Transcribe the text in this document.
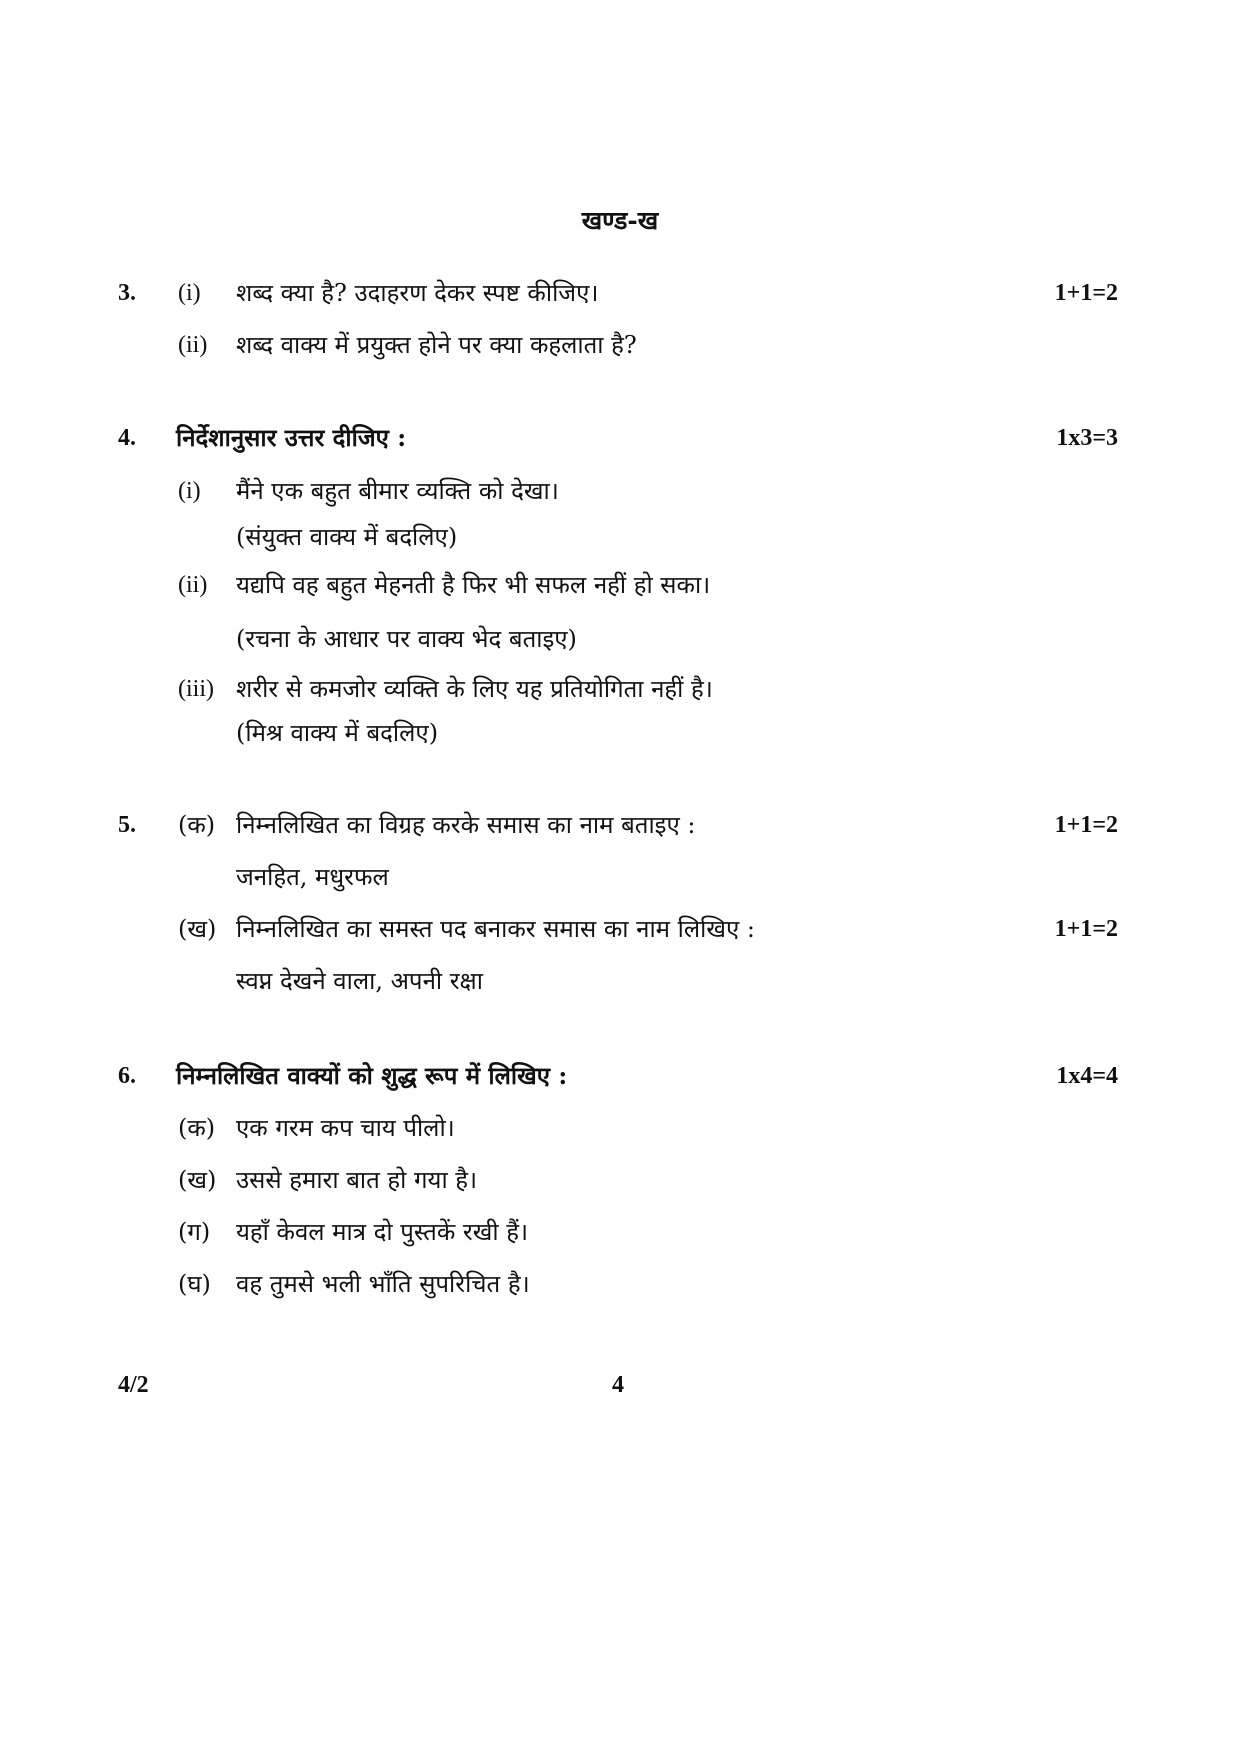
खण्ड-ख
3. (i) शब्द क्या है? उदाहरण देकर स्पष्ट कीजिए।	1+1=2
(ii) शब्द वाक्य में प्रयुक्त होने पर क्या कहलाता है?
4. निर्देशानुसार उत्तर दीजिए :	1x3=3
(i) मैंने एक बहुत बीमार व्यक्ति को देखा।
(संयुक्त वाक्य में बदलिए)
(ii) यद्यपि वह बहुत मेहनती है फिर भी सफल नहीं हो सका।
(रचना के आधार पर वाक्य भेद बताइए)
(iii) शरीर से कमजोर व्यक्ति के लिए यह प्रतियोगिता नहीं है।
(मिश्र वाक्य में बदलिए)
5. (क) निम्नलिखित का विग्रह करके समास का नाम बताइए :	1+1=2
जनहित, मधुरफल
(ख) निम्नलिखित का समस्त पद बनाकर समास का नाम लिखिए :	1+1=2
स्वप्न देखने वाला, अपनी रक्षा
6. निम्नलिखित वाक्यों को शुद्ध रूप में लिखिए :	1x4=4
(क) एक गरम कप चाय पीलो।
(ख) उससे हमारा बात हो गया है।
(ग) यहाँ केवल मात्र दो पुस्तकें रखी हैं।
(घ) वह तुमसे भली भाँति सुपरिचित है।
4/2	4
